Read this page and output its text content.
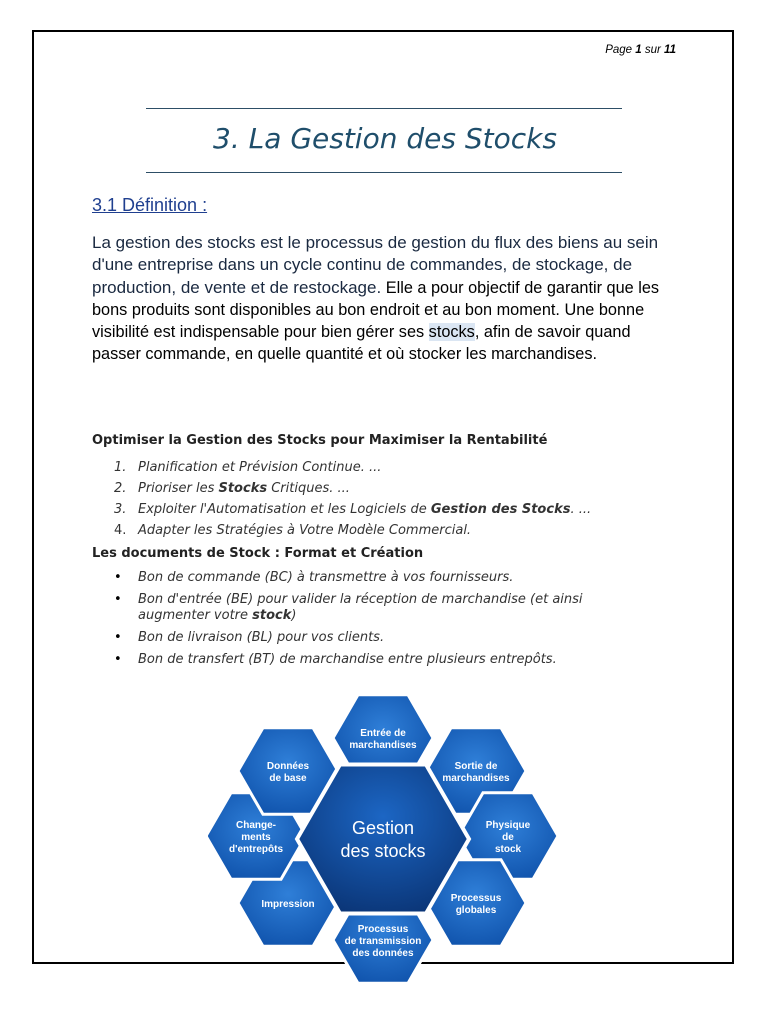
Page 1 sur 11
3. La Gestion des Stocks
3.1 Définition :
La gestion des stocks est le processus de gestion du flux des biens au sein d'une entreprise dans un cycle continu de commandes, de stockage, de production, de vente et de restockage. Elle a pour objectif de garantir que les bons produits sont disponibles au bon endroit et au bon moment. Une bonne visibilité est indispensable pour bien gérer ses stocks, afin de savoir quand passer commande, en quelle quantité et où stocker les marchandises.
Optimiser la Gestion des Stocks pour Maximiser la Rentabilité
1. Planification et Prévision Continue. ...
2. Prioriser les Stocks Critiques. ...
3. Exploiter l'Automatisation et les Logiciels de Gestion des Stocks. ...
4. Adapter les Stratégies à Votre Modèle Commercial.
Les documents de Stock : Format et Création
• Bon de commande (BC) à transmettre à vos fournisseurs.
• Bon d'entrée (BE) pour valider la réception de marchandise (et ainsi augmenter votre stock)
• Bon de livraison (BL) pour vos clients.
• Bon de transfert (BT) de marchandise entre plusieurs entrepôts.
Entrée de
marchandises
Sortie de
marchandises
Physique
de
stock
Processus
globales
Processus
de transmission
des données
Impression
Change-
ments
d'entrepôts
Données
de base
Gestion
des stocks
